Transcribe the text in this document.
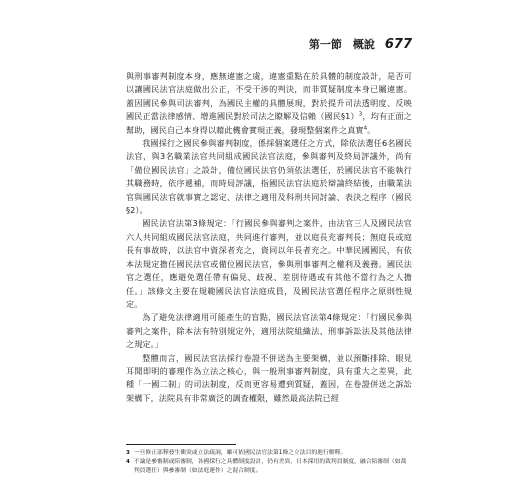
第一節　概說 677

與刑事審判制度本身，應無違憲之虞，違憲重點在於具體的制度設計，是否可以讓國民法官法庭做出公正，不受干涉的判決，而非質疑制度本身已屬違憲。蓋因國民參與司法審判，為國民主權的具體展現，對於提升司法透明度、反映國民正當法律感情、增進國民對於司法之瞭解及信賴（國民§1）$^3$，均有正面之幫助，國民自己本身得以藉此機會實現正義，發現整個案件之真實$^4$。

我國採行之國民參與審判制度，係採個案選任之方式，除依法選任6名國民法官，與3名職業法官共同組成國民法官法庭，參與審判及終局評議外，尚有「備位國民法官」之設計，備位國民法官仍須依法選任，於國民法官不能執行其職務時，依序遞補，而時局評議，指國民法官法庭於辯論終結後，由職業法官與國民法官就事實之認定、法律之適用及科刑共同討論、表決之程序（國民§2）。

國民法官法第3條規定：「行國民參與審判之案件，由法官三人及國民法官六人共同組成國民法官法庭，共同進行審判，並以庭長充審判長；無庭長或庭長有事故時，以法官中資深者充之，資同以年長者充之。中華民國國民，有依本法規定擔任國民法官或備位國民法官，參與刑事審判之權利及義務。國民法官之選任，應避免選任帶有偏見、歧視、差別待遇或有其他不當行為之人擔任。」該條文主要在規範國民法官法庭成員，及國民法官選任程序之原則性規定。

為了避免法律適用可能產生的盲點，國民法官法第4條規定：「行國民參與審判之案件，除本法有特別規定外，適用法院組織法、刑事訴訟法及其他法律之規定。」

整體而言，國民法官法採行卷證不併送為主要架構，並以預斷排除、眼見耳聞即明的審理作為立法之核心，與一般刑事審判制度，具有重大之差異，此種「一國二制」的司法制度，反而更容易遭到質疑，蓋因，在卷證併送之訴訟架構下，法院具有非常廣泛的調查權限，雖然最高法院已經

3 一旦修正部釋發生衝突或立法疏洞，雖可依國民法官法第1條之立法目的進行解釋。
4 不論是參審制或陪審制，各國採行之具體制度設計，仍有差異，日本採用的裁判員制度，融合陪審制（如裁判員選任）與參審制（如法庭運作）之混合制度。
